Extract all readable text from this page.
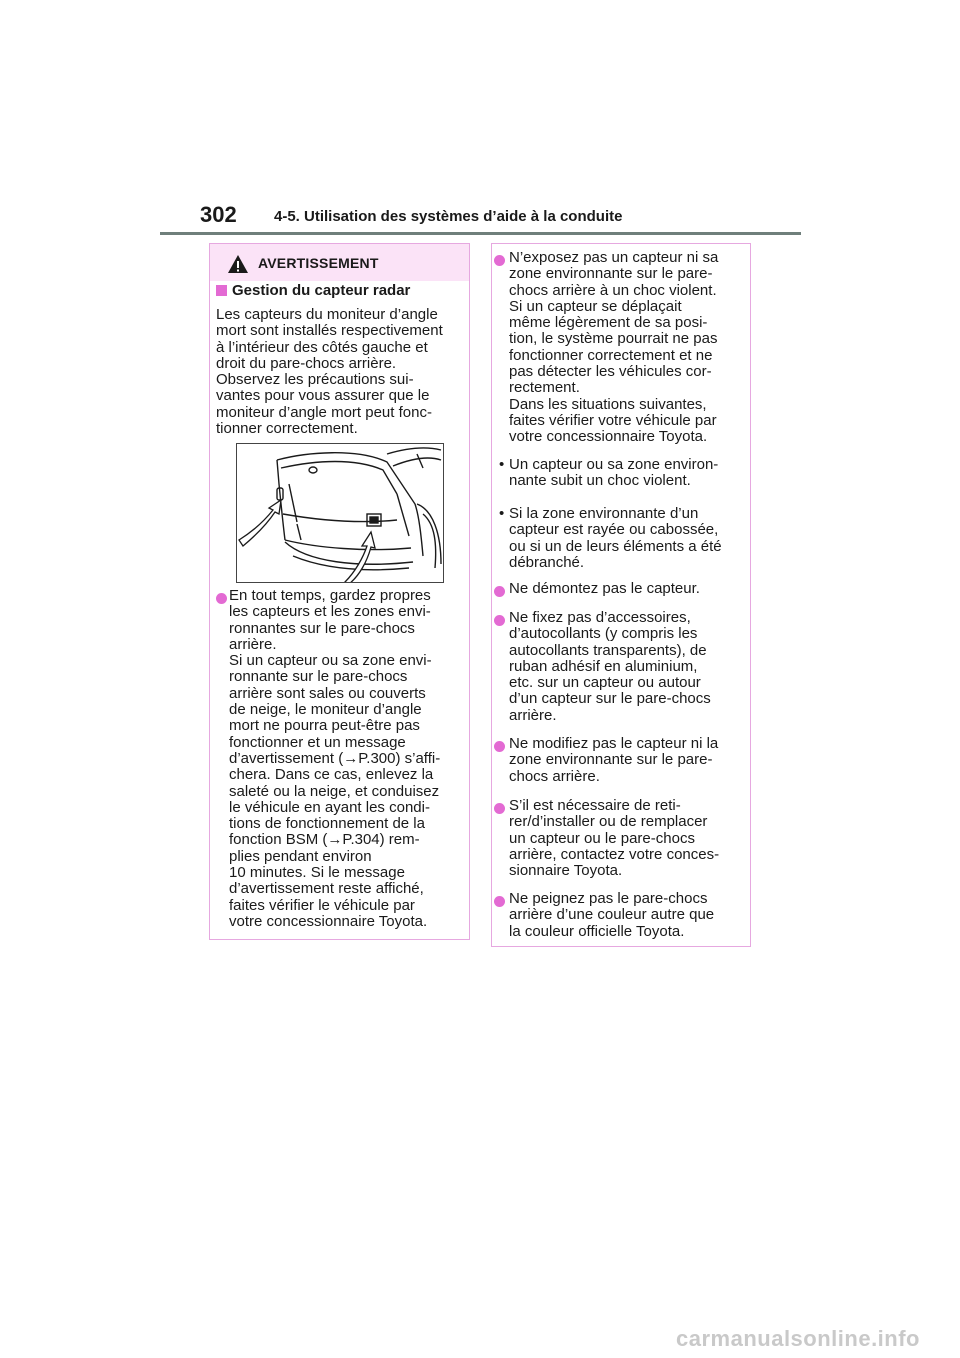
302 4-5. Utilisation des systèmes d’aide à la conduite
AVERTISSEMENT
Gestion du capteur radar

Les capteurs du moniteur d’angle
mort sont installés respectivement
à l’intérieur des côtés gauche et
droit du pare-chocs arrière.
Observez les précautions sui-
vantes pour vous assurer que le
moniteur d’angle mort peut fonc-
tionner correctement.

En tout temps, gardez propres
les capteurs et les zones envi-
ronnantes sur le pare-chocs
arrière.
Si un capteur ou sa zone envi-
ronnante sur le pare-chocs
arrière sont sales ou couverts
de neige, le moniteur d’angle
mort ne pourra peut-être pas
fonctionner et un message
d’avertissement (→P.300) s’affi-
chera. Dans ce cas, enlevez la
saleté ou la neige, et conduisez
le véhicule en ayant les condi-
tions de fonctionnement de la
fonction BSM (→P.304) rem-
plies pendant environ
10 minutes. Si le message
d’avertissement reste affiché,
faites vérifier le véhicule par
votre concessionnaire Toyota.

N’exposez pas un capteur ni sa
zone environnante sur le pare-
chocs arrière à un choc violent.
Si un capteur se déplaçait
même légèrement de sa posi-
tion, le système pourrait ne pas
fonctionner correctement et ne
pas détecter les véhicules cor-
rectement.
Dans les situations suivantes,
faites vérifier votre véhicule par
votre concessionnaire Toyota.

• Un capteur ou sa zone environ-
nante subit un choc violent.

• Si la zone environnante d’un
capteur est rayée ou cabossée,
ou si un de leurs éléments a été
débranché.

Ne démontez pas le capteur.

Ne fixez pas d’accessoires,
d’autocollants (y compris les
autocollants transparents), de
ruban adhésif en aluminium,
etc. sur un capteur ou autour
d’un capteur sur le pare-chocs
arrière.

Ne modifiez pas le capteur ni la
zone environnante sur le pare-
chocs arrière.

S’il est nécessaire de reti-
rer/d’installer ou de remplacer
un capteur ou le pare-chocs
arrière, contactez votre conces-
sionnaire Toyota.

Ne peignez pas le pare-chocs
arrière d’une couleur autre que
la couleur officielle Toyota.

carmanualsonline.info
